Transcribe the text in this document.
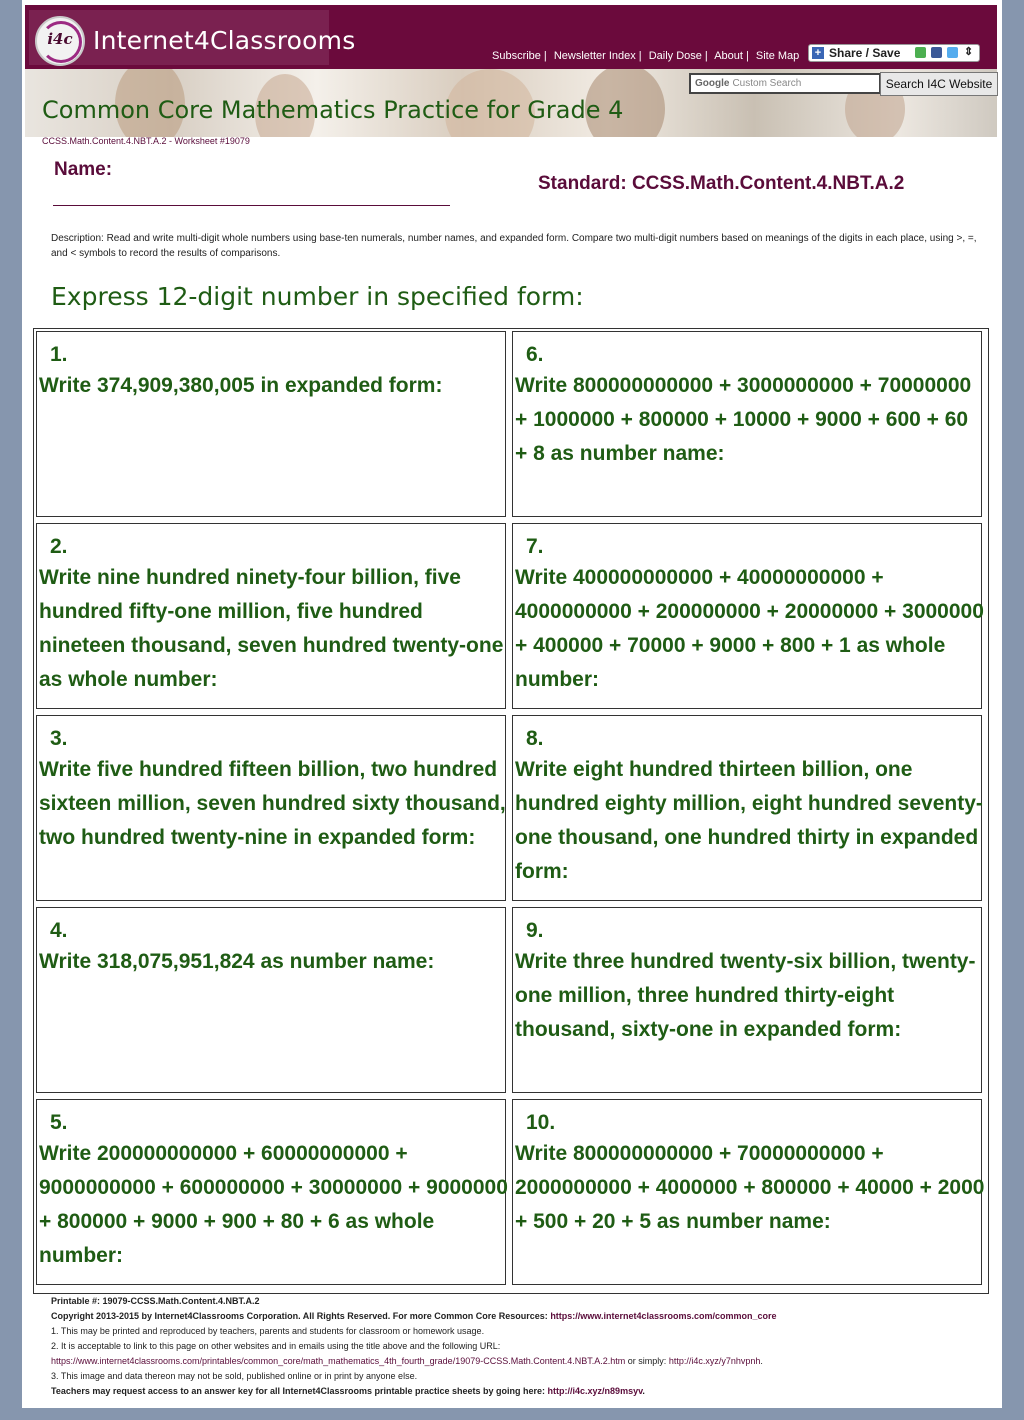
i4c Internet4Classrooms
Subscribe | Newsletter Index | Daily Dose | About | Site Map + Share / Save	⇕
Google Custom Search	Search I4C Website
Common Core Mathematics Practice for Grade 4
CCSS.Math.Content.4.NBT.A.2 - Worksheet #19079
Name:
Standard: CCSS.Math.Content.4.NBT.A.2
Description: Read and write multi-digit whole numbers using base-ten numerals, number names, and expanded form. Compare two multi-digit numbers based on meanings of the digits in each place, using >, =, and < symbols to record the results of comparisons.
Express 12-digit number in specified form:
1.
Write 374,909,380,005 in expanded form:
2.
Write nine hundred ninety-four billion, five hundred fifty-one million, five hundred nineteen thousand, seven hundred twenty-one as whole number:
3.
Write five hundred fifteen billion, two hundred sixteen million, seven hundred sixty thousand, two hundred twenty-nine in expanded form:
4.
Write 318,075,951,824 as number name:
5.
Write 200000000000 + 60000000000 + 9000000000 + 600000000 + 30000000 + 9000000 + 800000 + 9000 + 900 + 80 + 6 as whole number:
6.
Write 800000000000 + 3000000000 + 70000000 + 1000000 + 800000 + 10000 + 9000 + 600 + 60 + 8 as number name:
7.
Write 400000000000 + 40000000000 + 4000000000 + 200000000 + 20000000 + 3000000 + 400000 + 70000 + 9000 + 800 + 1 as whole number:
8.
Write eight hundred thirteen billion, one hundred eighty million, eight hundred seventy-one thousand, one hundred thirty in expanded form:
9.
Write three hundred twenty-six billion, twenty-one million, three hundred thirty-eight thousand, sixty-one in expanded form:
10.
Write 800000000000 + 70000000000 + 2000000000 + 4000000 + 800000 + 40000 + 2000 + 500 + 20 + 5 as number name:
Printable #: 19079-CCSS.Math.Content.4.NBT.A.2
Copyright 2013-2015 by Internet4Classrooms Corporation. All Rights Reserved. For more Common Core Resources: https://www.internet4classrooms.com/common_core
1. This may be printed and reproduced by teachers, parents and students for classroom or homework usage.
2. It is acceptable to link to this page on other websites and in emails using the title above and the following URL:
https://www.internet4classrooms.com/printables/common_core/math_mathematics_4th_fourth_grade/19079-CCSS.Math.Content.4.NBT.A.2.htm or simply: http://i4c.xyz/y7nhvpnh.
3. This image and data thereon may not be sold, published online or in print by anyone else.
Teachers may request access to an answer key for all Internet4Classrooms printable practice sheets by going here: http://i4c.xyz/n89msyv.
